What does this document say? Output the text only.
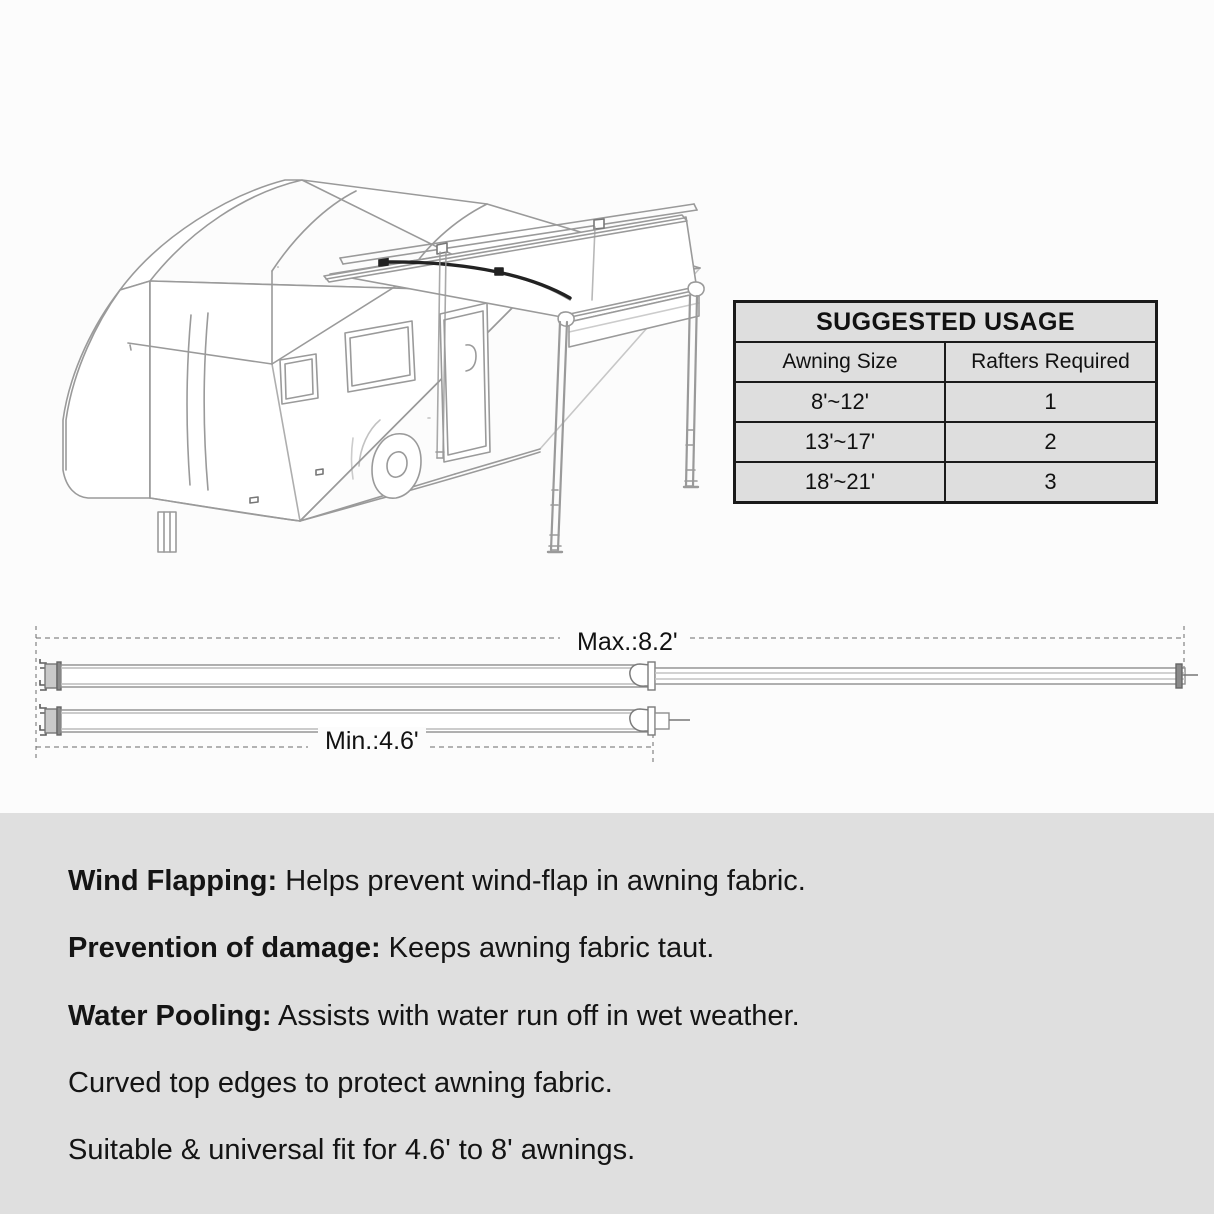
SUGGESTED USAGE	
Awning Size	Rafters Required
8'~12'	1
13'~17'	2
18'~21'	3
Max.:8.2'
Min.:4.6'

Wind Flapping: Helps prevent wind-flap in awning fabric.

Prevention of damage: Keeps awning fabric taut.

Water Pooling: Assists with water run off in wet weather.

Curved top edges to protect awning fabric.

Suitable & universal fit for 4.6' to 8' awnings.
